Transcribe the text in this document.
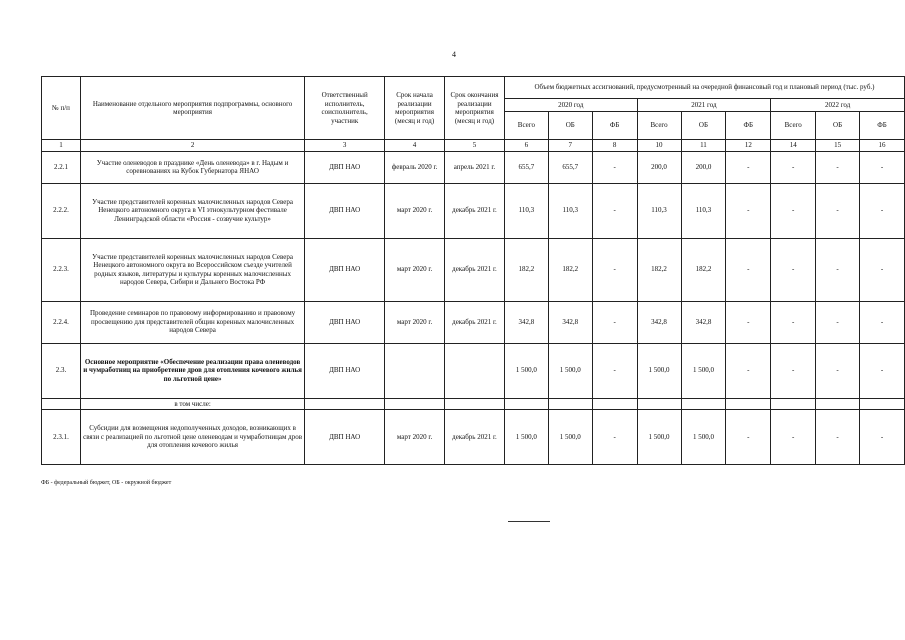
4
№ п/п	Наименование отдельного мероприятия подпрограммы, основного мероприятия	Ответственный исполнитель, соисполнитель, участник	Срок начала реализации мероприятия (месяц и год)	Срок окончания реализации мероприятия (месяц и год)	Объем бюджетных ассигнований, предусмотренный на очередной финансовый год и плановый период (тыс. руб.)								
					2020 год			2021 год			2022 год		
					Всего	ОБ	ФБ	Всего	ОБ	ФБ	Всего	ОБ	ФБ
1	2	3	4	5	6	7	8	10	11	12	14	15	16
2.2.1	Участие оленеводов в празднике «День оленевода» в г. Надым и соревнованиях на Кубок Губернатора ЯНАО	ДВП НАО	февраль 2020 г.	апрель 2021 г.	655,7	655,7	-	200,0	200,0	-	-	-	-
2.2.2.	Участие представителей коренных малочисленных народов Севера Ненецкого автономного округа в VI этнокультурном фестивале Ленинградской области «Россия - созвучие культур»	ДВП НАО	март 2020 г.	декабрь 2021 г.	110,3	110,3	-	110,3	110,3	-	-	-	-
2.2.3.	Участие представителей коренных малочисленных народов Севера Ненецкого автономного округа во Всероссийском съезде учителей родных языков, литературы и культуры коренных малочисленных народов Севера, Сибири и Дальнего Востока РФ	ДВП НАО	март 2020 г.	декабрь 2021 г.	182,2	182,2	-	182,2	182,2	-	-	-	-
2.2.4.	Проведение семинаров по правовому информированию и правовому просвещению для представителей общин коренных малочисленных народов Севера	ДВП НАО	март 2020 г.	декабрь 2021 г.	342,8	342,8	-	342,8	342,8	-	-	-	-
2.3.	Основное мероприятие «Обеспечение реализации права оленеводов и чумработниц на приобретение дров для отопления кочевого жилья по льготной цене»	ДВП НАО			1 500,0	1 500,0	-	1 500,0	1 500,0	-	-	-	-
	в том числе:												
2.3.1.	Субсидии для возмещения недополученных доходов, возникающих в связи с реализацией по льготной цене оленеводам и чумработницам дров для отопления кочевого жилья	ДВП НАО	март 2020 г.	декабрь 2021 г.	1 500,0	1 500,0	-	1 500,0	1 500,0	-	-	-	-
ФБ - федеральный бюджет, ОБ - окружной бюджет
